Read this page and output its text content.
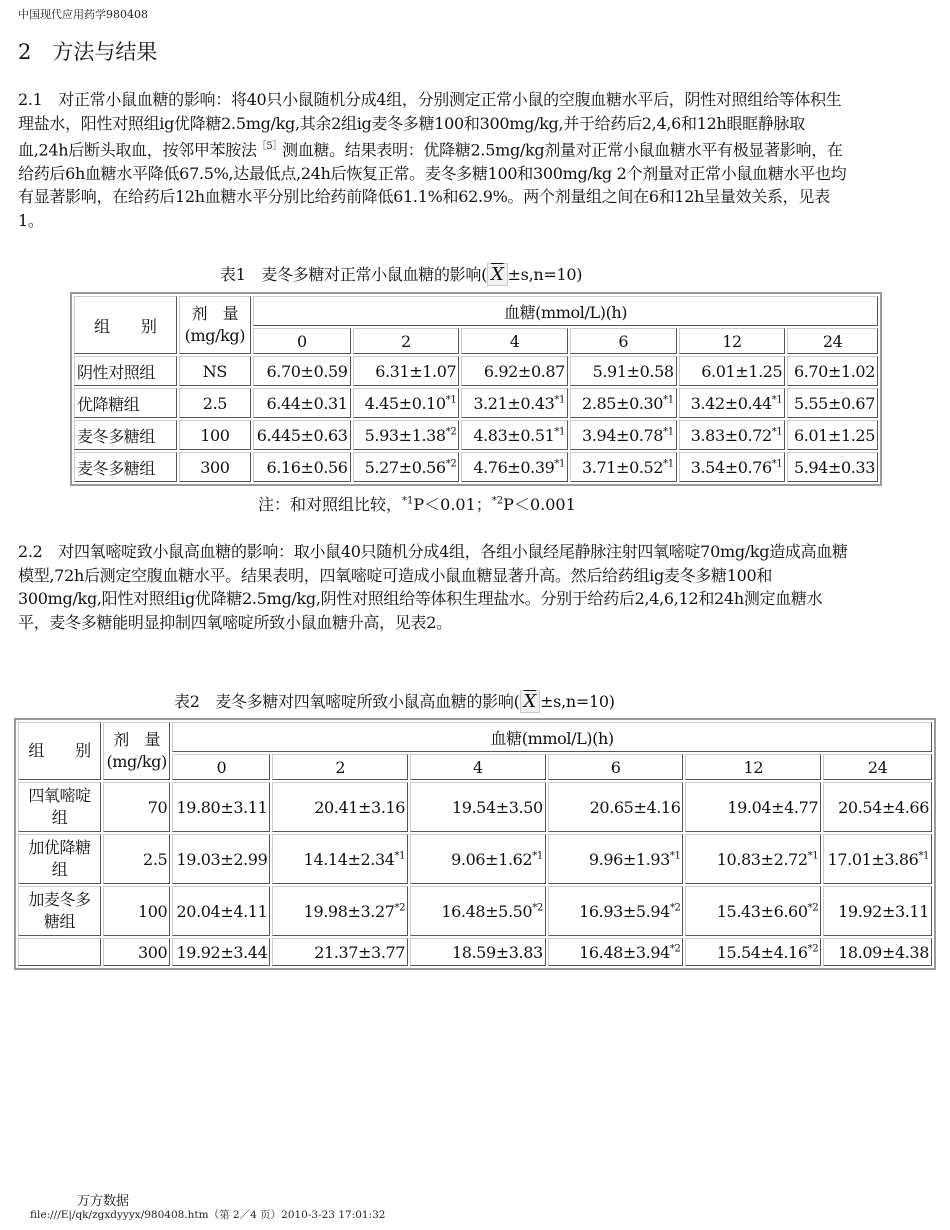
中国现代应用药学980408
2　方法与结果

2.1　对正常小鼠血糖的影响：将40只小鼠随机分成4组，分别测定正常小鼠的空腹血糖水平后，阴性对照组给等体积生理盐水，阳性对照组ig优降糖2.5mg/kg,其余2组ig麦冬多糖100和300mg/kg,并于给药后2,4,6和12h眼眶静脉取血,24h后断头取血，按邻甲苯胺法$^{[5]}$测血糖。结果表明：优降糖2.5mg/kg剂量对正常小鼠血糖水平有极显著影响，在给药后6h血糖水平降低67.5%,达最低点,24h后恢复正常。麦冬多糖100和300mg/kg 2个剂量对正常小鼠血糖水平也均有显著影响，在给药后12h血糖水平分别比给药前降低61.1%和62.9%。两个剂量组之间在6和12h呈量效关系，见表1。

表1　麦冬多糖对正常小鼠血糖的影响( $\overline{X} \pm s,n=10$)
组　　别	剂　量(mg/kg)	血糖(mmol/L)(h)					
		0	2	4	6	12	24
阴性对照组	NS	6.70±0.59	6.31±1.07	6.92±0.87	5.91±0.58	6.01±1.25	6.70±1.02
优降糖组	2.5	6.44±0.31	$4.45\pm 0.10^{*1}$	$3.21\pm 0.43^{*1}$	$2.85\pm 0.30^{*1}$	$3.42\pm 0.44^{*1}$	5.55±0.67
麦冬多糖组	100	6.445±0.63	$5.93\pm 1.38^{*2}$	$4.83\pm 0.51^{*1}$	$3.94\pm 0.78^{*1}$	$3.83\pm 0.72^{*1}$	6.01±1.25
麦冬多糖组	300	6.16±0.56	$5.27\pm 0.56^{*2}$	$4.76\pm 0.39^{*1}$	$3.71\pm 0.52^{*1}$	$3.54\pm 0.76^{*1}$	5.94±0.33
注：和对照组比较，$^{*1}$P＜0.01；$^{*2}$P＜0.001

2.2　对四氧嘧啶致小鼠高血糖的影响：取小鼠40只随机分成4组，各组小鼠经尾静脉注射四氧嘧啶70mg/kg造成高血糖模型,72h后测定空腹血糖水平。结果表明，四氧嘧啶可造成小鼠血糖显著升高。然后给药组ig麦冬多糖100和300mg/kg,阳性对照组ig优降糖2.5mg/kg,阴性对照组给等体积生理盐水。分别于给药后2,4,6,12和24h测定血糖水平，麦冬多糖能明显抑制四氧嘧啶所致小鼠血糖升高，见表2。

表2　麦冬多糖对四氧嘧啶所致小鼠高血糖的影响( $\overline{X} \pm s,n=10$)
组　　别	剂　量(mg/kg)	血糖(mmol/L)(h)					
		0	2	4	6	12	24
四氧嘧啶组	70	19.80±3.11	20.41±3.16	19.54±3.50	20.65±4.16	19.04±4.77	20.54±4.66
加优降糖组	2.5	19.03±2.99	$14.14\pm 2.34^{*1}$	$9.06\pm 1.62^{*1}$	$9.96\pm 1.93^{*1}$	$10.83\pm 2.72^{*1}$	$17.01\pm 3.86^{*1}$
加麦冬多糖组	100	20.04±4.11	$19.98\pm 3.27^{*2}$	$16.48\pm 5.50^{*2}$	$16.93\pm 5.94^{*2}$	$15.43\pm 6.60^{*2}$	19.92±3.11
	300	19.92±3.44	21.37±3.77	18.59±3.83	$16.48\pm 3.94^{*2}$	$15.54\pm 4.16^{*2}$	18.09±4.38
万方数据
file:///E|/qk/zgxdyyyx/980408.htm（第 2／4 页）2010-3-23 17:01:32
